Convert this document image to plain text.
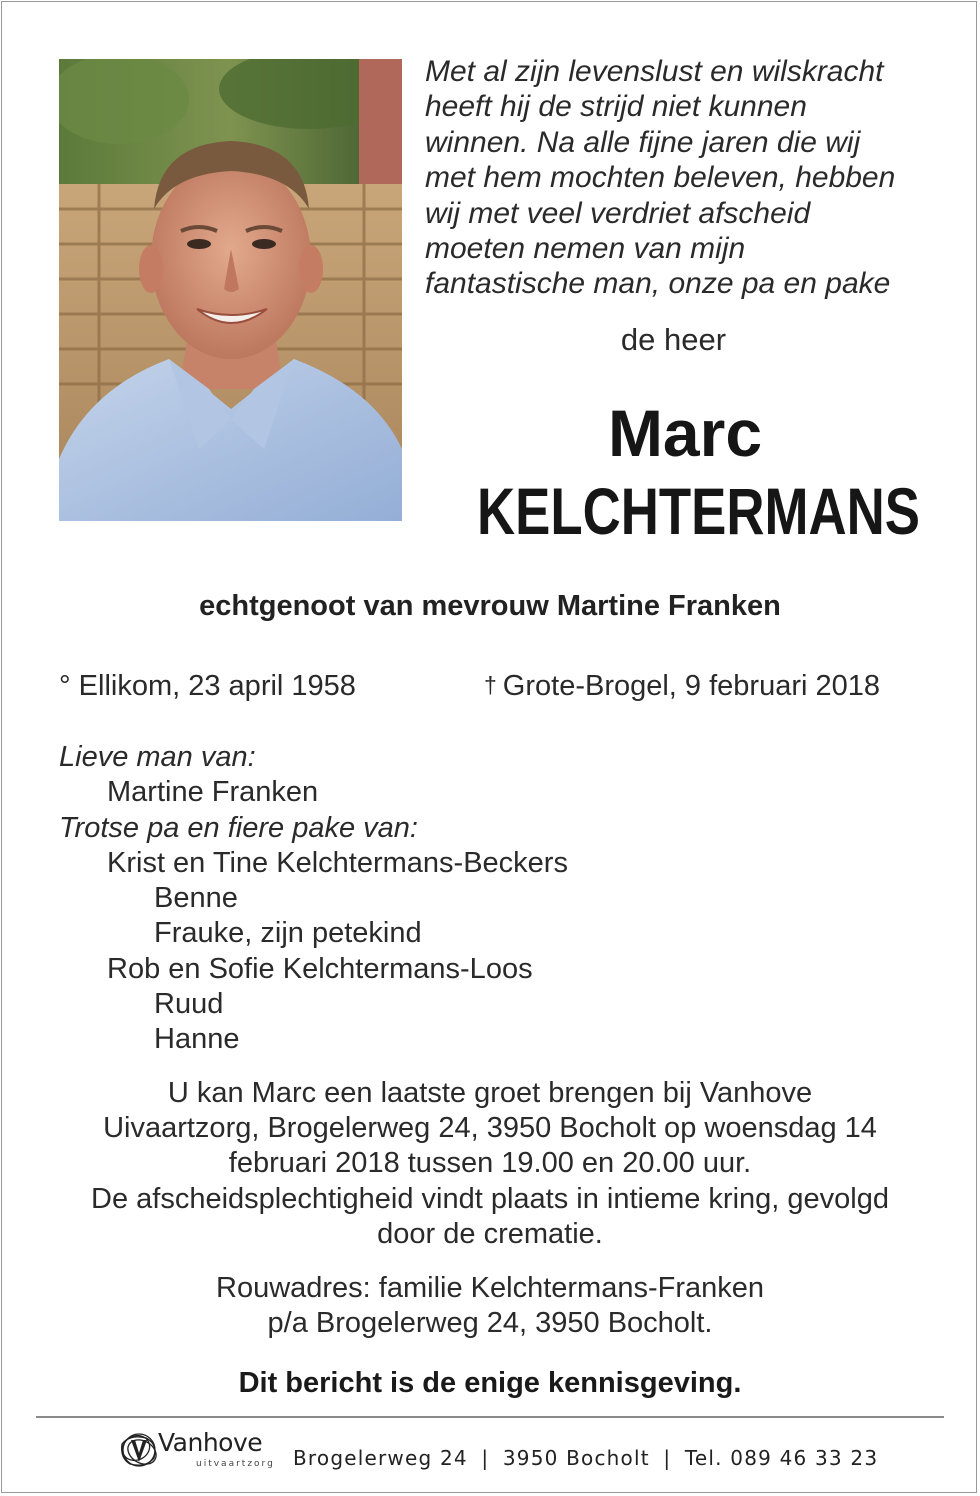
Met al zijn levenslust en wilskracht
heeft hij de strijd niet kunnen
winnen. Na alle fijne jaren die wij
met hem mochten beleven, hebben
wij met veel verdriet afscheid
moeten nemen van mijn
fantastische man, onze pa en pake
de heer
Marc
KELCHTERMANS
echtgenoot van mevrouw Martine Franken
° Ellikom, 23 april 1958	† Grote-Brogel, 9 februari 2018
Lieve man van:
Martine Franken
Trotse pa en fiere pake van:
Krist en Tine Kelchtermans-Beckers
Benne
Frauke, zijn petekind
Rob en Sofie Kelchtermans-Loos
Ruud
Hanne
U kan Marc een laatste groet brengen bij Vanhove
Uivaartzorg, Brogelerweg 24, 3950 Bocholt op woensdag 14
februari 2018 tussen 19.00 en 20.00 uur.
De afscheidsplechtigheid vindt plaats in intieme kring, gevolgd
door de crematie.
Rouwadres: familie Kelchtermans-Franken
p/a Brogelerweg 24, 3950 Bocholt.
Dit bericht is de enige kennisgeving.
Vanhove
uitvaartzorg Brogelerweg 24 | 3950 Bocholt | Tel. 089 46 33 23
